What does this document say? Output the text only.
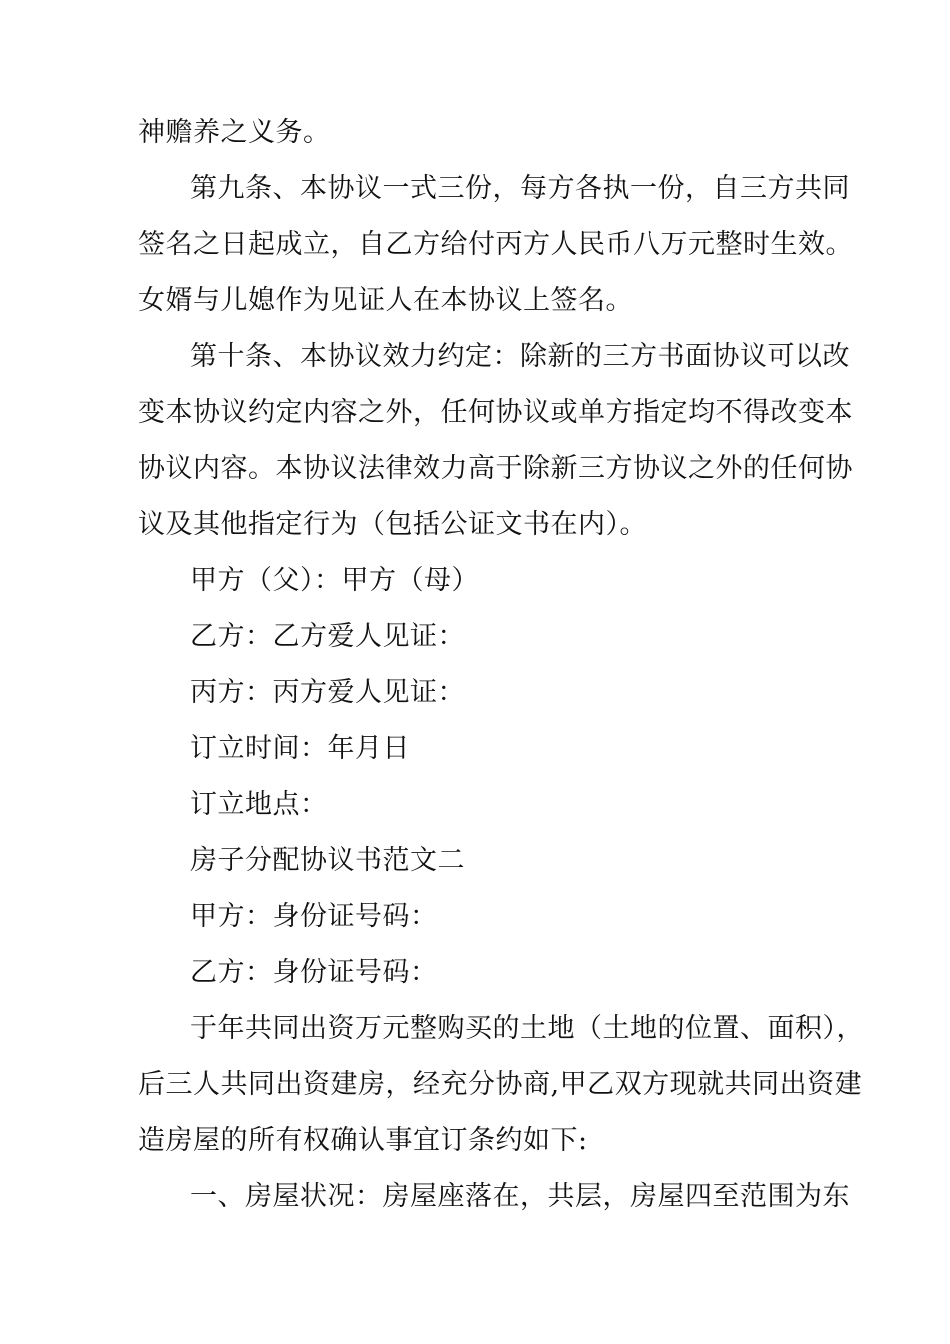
神赡养之义务。
第九条、本协议一式三份，每方各执一份，自三方共同
签名之日起成立，自乙方给付丙方人民币八万元整时生效。
女婿与儿媳作为见证人在本协议上签名。
第十条、本协议效力约定：除新的三方书面协议可以改
变本协议约定内容之外，任何协议或单方指定均不得改变本
协议内容。本协议法律效力高于除新三方协议之外的任何协
议及其他指定行为（包括公证文书在内）。
甲方（父）：甲方（母）
乙方：乙方爱人见证：
丙方：丙方爱人见证：
订立时间：年月日
订立地点：
房子分配协议书范文二
甲方：身份证号码：
乙方：身份证号码：
于年共同出资万元整购买的土地（土地的位置、面积），
后三人共同出资建房，经充分协商,甲乙双方现就共同出资建
造房屋的所有权确认事宜订条约如下:
一、房屋状况：房屋座落在，共层，房屋四至范围为东
